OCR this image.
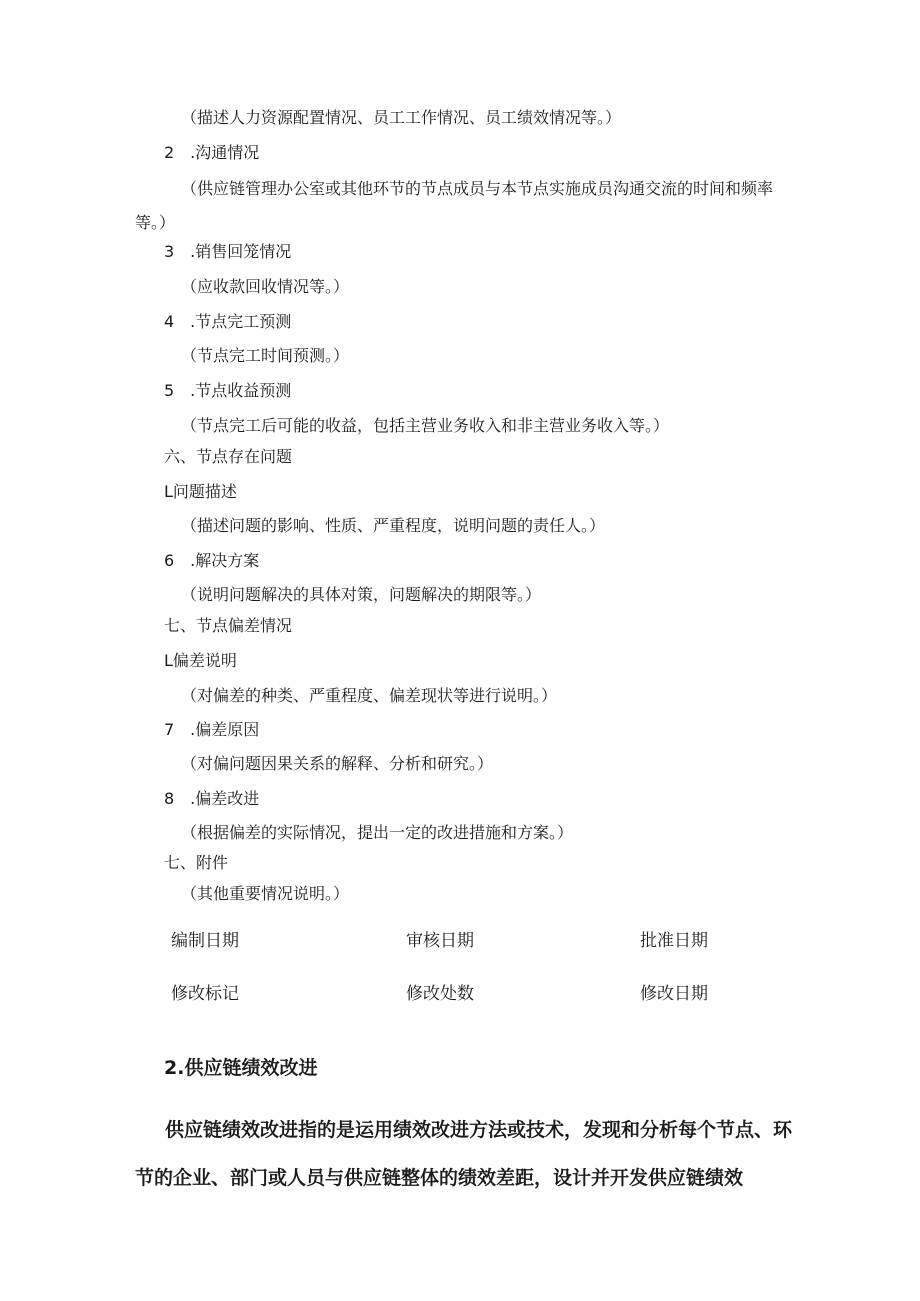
（描述人力资源配置情况、员工工作情况、员工绩效情况等。）
2　.沟通情况
（供应链管理办公室或其他环节的节点成员与本节点实施成员沟通交流的时间和频率等。）
3　.销售回笼情况
（应收款回收情况等。）
4　.节点完工预测
（节点完工时间预测。）
5　.节点收益预测
（节点完工后可能的收益，包括主营业务收入和非主营业务收入等。）
六、节点存在问题
L问题描述
（描述问题的影响、性质、严重程度，说明问题的责任人。）
6　.解决方案
（说明问题解决的具体对策，问题解决的期限等。）
七、节点偏差情况
L偏差说明
（对偏差的种类、严重程度、偏差现状等进行说明。）
7　.偏差原因
（对偏问题因果关系的解释、分析和研究。）
8　.偏差改进
（根据偏差的实际情况，提出一定的改进措施和方案。）
七、附件
（其他重要情况说明。）
编制日期	审核日期	批准日期
修改标记	修改处数	修改日期
2.供应链绩效改进
供应链绩效改进指的是运用绩效改进方法或技术，发现和分析每个节点、环节的企业、部门或人员与供应链整体的绩效差距，设计并开发供应链绩效
